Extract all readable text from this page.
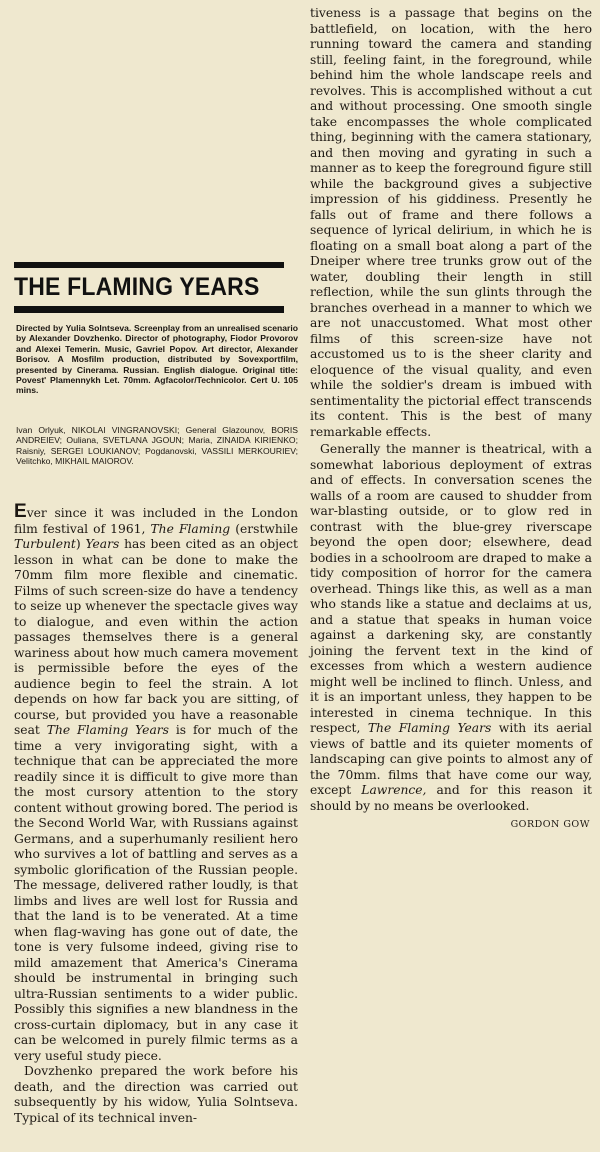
THE FLAMING YEARS

Directed by Yulia Solntseva. Screenplay from an unrealised scenario by Alexander Dovzhenko. Director of photography, Fiodor Provorov and Alexei Temerin. Music, Gavriel Popov. Art director, Alexander Borisov. A Mosfilm production, distributed by Sovexportfilm, presented by Cinerama. Russian. English dialogue. Original title: Povest' Plamennykh Let. 70mm. Agfacolor/Technicolor. Cert U. 105 mins.

Ivan Orlyuk, NIKOLAI VINGRANOVSKI; General Glazounov, BORIS ANDREIEV; Ouliana, SVETLANA JGOUN; Maria, ZINAIDA KIRIENKO; Raisniy, SERGEI LOUKIANOV; Pogdanovski, VASSILI MERKOURIEV; Velitchko, MIKHAIL MAIOROV.

Ever since it was included in the London film festival of 1961, The Flaming (erstwhile Turbulent) Years has been cited as an object lesson in what can be done to make the 70mm film more flexible and cinematic. Films of such screen-size do have a tendency to seize up whenever the spectacle gives way to dialogue, and even within the action passages themselves there is a general wariness about how much camera movement is permissible before the eyes of the audience begin to feel the strain. A lot depends on how far back you are sitting, of course, but provided you have a reasonable seat The Flaming Years is for much of the time a very invigorating sight, with a technique that can be appreciated the more readily since it is difficult to give more than the most cursory attention to the story content without growing bored. The period is the Second World War, with Russians against Germans, and a superhumanly resilient hero who survives a lot of battling and serves as a symbolic glorification of the Russian people. The message, delivered rather loudly, is that limbs and lives are well lost for Russia and that the land is to be venerated. At a time when flag-waving has gone out of date, the tone is very fulsome indeed, giving rise to mild amazement that America's Cinerama should be instrumental in bringing such ultra-Russian sentiments to a wider public. Possibly this signifies a new blandness in the cross-curtain diplomacy, but in any case it can be welcomed in purely filmic terms as a very useful study piece.

Dovzhenko prepared the work before his death, and the direction was carried out subsequently by his widow, Yulia Solntseva. Typical of its technical inven-

tiveness is a passage that begins on the battlefield, on location, with the hero running toward the camera and standing still, feeling faint, in the foreground, while behind him the whole landscape reels and revolves. This is accomplished without a cut and without processing. One smooth single take encompasses the whole complicated thing, beginning with the camera stationary, and then moving and gyrating in such a manner as to keep the foreground figure still while the background gives a subjective impression of his giddiness. Presently he falls out of frame and there follows a sequence of lyrical delirium, in which he is floating on a small boat along a part of the Dneiper where tree trunks grow out of the water, doubling their length in still reflection, while the sun glints through the branches overhead in a manner to which we are not unaccustomed. What most other films of this screen-size have not accustomed us to is the sheer clarity and eloquence of the visual quality, and even while the soldier's dream is imbued with sentimentality the pictorial effect transcends its content. This is the best of many remarkable effects.

Generally the manner is theatrical, with a somewhat laborious deployment of extras and of effects. In conversation scenes the walls of a room are caused to shudder from war-blasting outside, or to glow red in contrast with the blue-grey riverscape beyond the open door; elsewhere, dead bodies in a schoolroom are draped to make a tidy composition of horror for the camera overhead. Things like this, as well as a man who stands like a statue and declaims at us, and a statue that speaks in human voice against a darkening sky, are constantly joining the fervent text in the kind of excesses from which a western audience might well be inclined to flinch. Unless, and it is an important unless, they happen to be interested in cinema technique. In this respect, The Flaming Years with its aerial views of battle and its quieter moments of landscaping can give points to almost any of the 70mm. films that have come our way, except Lawrence, and for this reason it should by no means be overlooked.

GORDON GOW
